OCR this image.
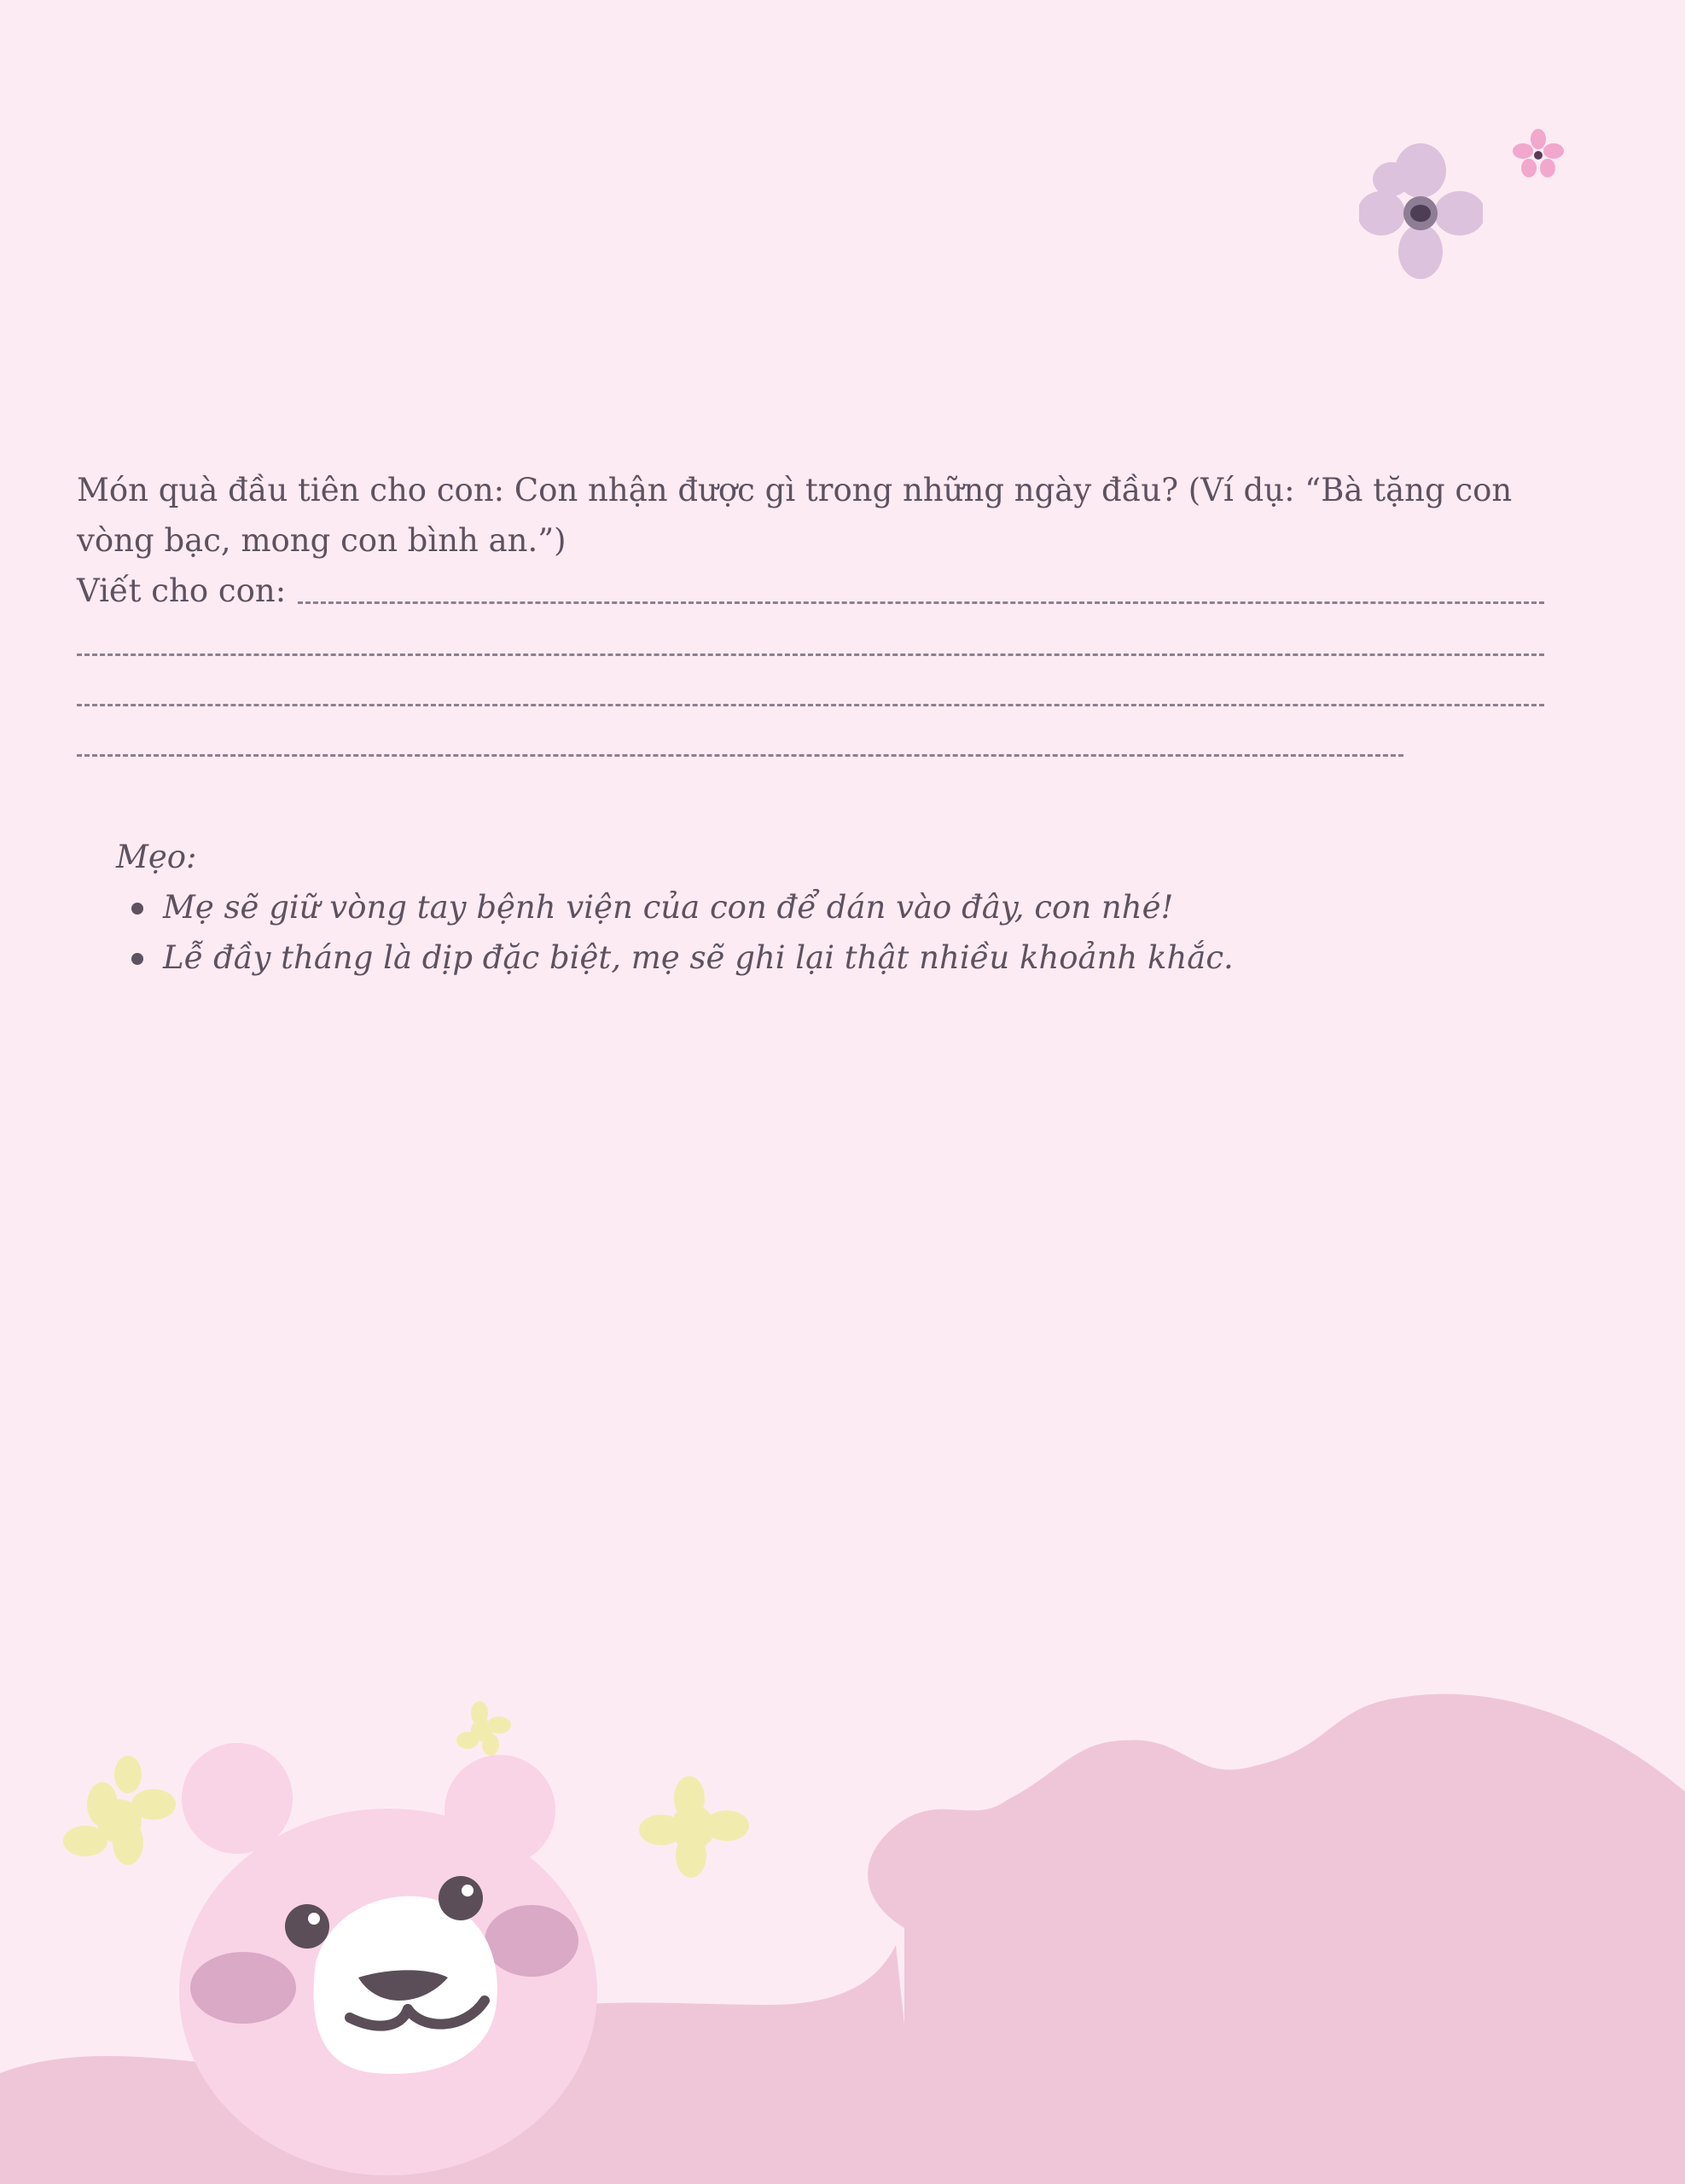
Món quà đầu tiên cho con: Con nhận được gì trong những ngày đầu? (Ví dụ: “Bà tặng con vòng bạc, mong con bình an.”)

Viết cho con:
Mẹo:
Mẹ sẽ giữ vòng tay bệnh viện của con để dán vào đây, con nhé!
Lễ đầy tháng là dịp đặc biệt, mẹ sẽ ghi lại thật nhiều khoảnh khắc.
